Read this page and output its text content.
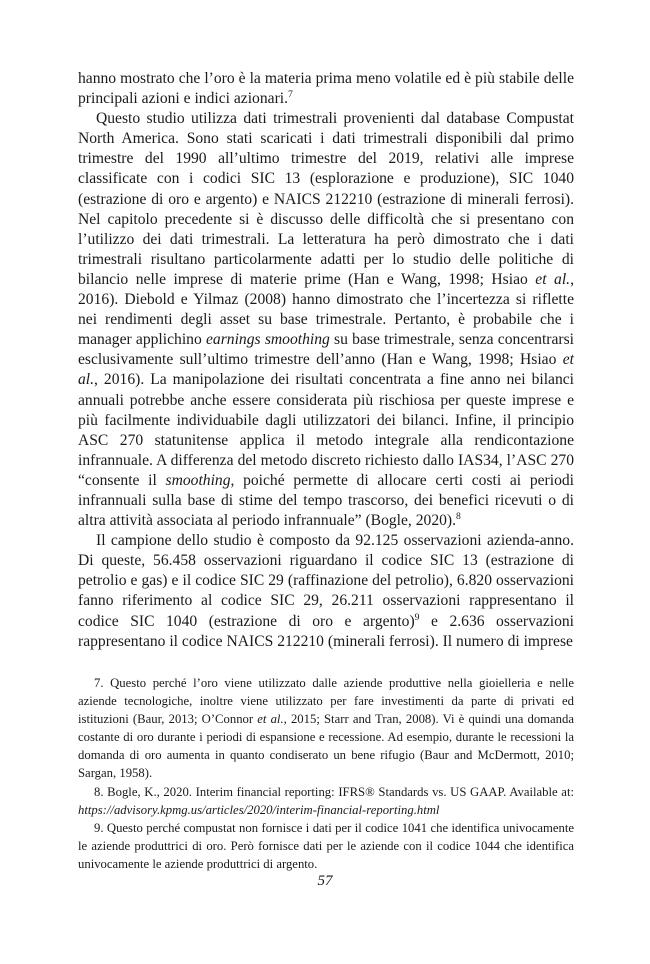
hanno mostrato che l’oro è la materia prima meno volatile ed è più stabile delle principali azioni e indici azionari.$^7$

Questo studio utilizza dati trimestrali provenienti dal database Compustat North America. Sono stati scaricati i dati trimestrali disponibili dal primo trimestre del 1990 all’ultimo trimestre del 2019, relativi alle imprese classificate con i codici SIC 13 (esplorazione e produzione), SIC 1040 (estrazione di oro e argento) e NAICS 212210 (estrazione di minerali ferrosi). Nel capitolo precedente si è discusso delle difficoltà che si presentano con l’utilizzo dei dati trimestrali. La letteratura ha però dimostrato che i dati trimestrali risultano particolarmente adatti per lo studio delle politiche di bilancio nelle imprese di materie prime (Han e Wang, 1998; Hsiao et al., 2016). Diebold e Yilmaz (2008) hanno dimostrato che l’incertezza si riflette nei rendimenti degli asset su base trimestrale. Pertanto, è probabile che i manager applichino earnings smoothing su base trimestrale, senza concentrarsi esclusivamente sull’ultimo trimestre dell’anno (Han e Wang, 1998; Hsiao et al., 2016). La manipolazione dei risultati concentrata a fine anno nei bilanci annuali potrebbe anche essere considerata più rischiosa per queste imprese e più facilmente individuabile dagli utilizzatori dei bilanci. Infine, il principio ASC 270 statunitense applica il metodo integrale alla rendicontazione infrannuale. A differenza del metodo discreto richiesto dallo IAS34, l’ASC 270 “consente il smoothing, poiché permette di allocare certi costi ai periodi infrannuali sulla base di stime del tempo trascorso, dei benefici ricevuti o di altra attività associata al periodo infrannuale” (Bogle, 2020).$^8$

Il campione dello studio è composto da 92.125 osservazioni azienda-anno. Di queste, 56.458 osservazioni riguardano il codice SIC 13 (estrazione di petrolio e gas) e il codice SIC 29 (raffinazione del petrolio), 6.820 osservazioni fanno riferimento al codice SIC 29, 26.211 osservazioni rappresentano il codice SIC 1040 (estrazione di oro e argento)$^9$ e 2.636 osservazioni rappresentano il codice NAICS 212210 (minerali ferrosi). Il numero di imprese

7. Questo perché l’oro viene utilizzato dalle aziende produttive nella gioielleria e nelle aziende tecnologiche, inoltre viene utilizzato per fare investimenti da parte di privati ed istituzioni (Baur, 2013; O’Connor et al., 2015; Starr and Tran, 2008). Vi è quindi una domanda costante di oro durante i periodi di espansione e recessione. Ad esempio, durante le recessioni la domanda di oro aumenta in quanto condiserato un bene rifugio (Baur and McDermott, 2010; Sargan, 1958).

8. Bogle, K., 2020. Interim financial reporting: IFRS® Standards vs. US GAAP. Available at: https://advisory.kpmg.us/articles/2020/interim-financial-reporting.html

9. Questo perché compustat non fornisce i dati per il codice 1041 che identifica univocamente le aziende produttrici di oro. Però fornisce dati per le aziende con il codice 1044 che identifica univocamente le aziende produttrici di argento.

57
